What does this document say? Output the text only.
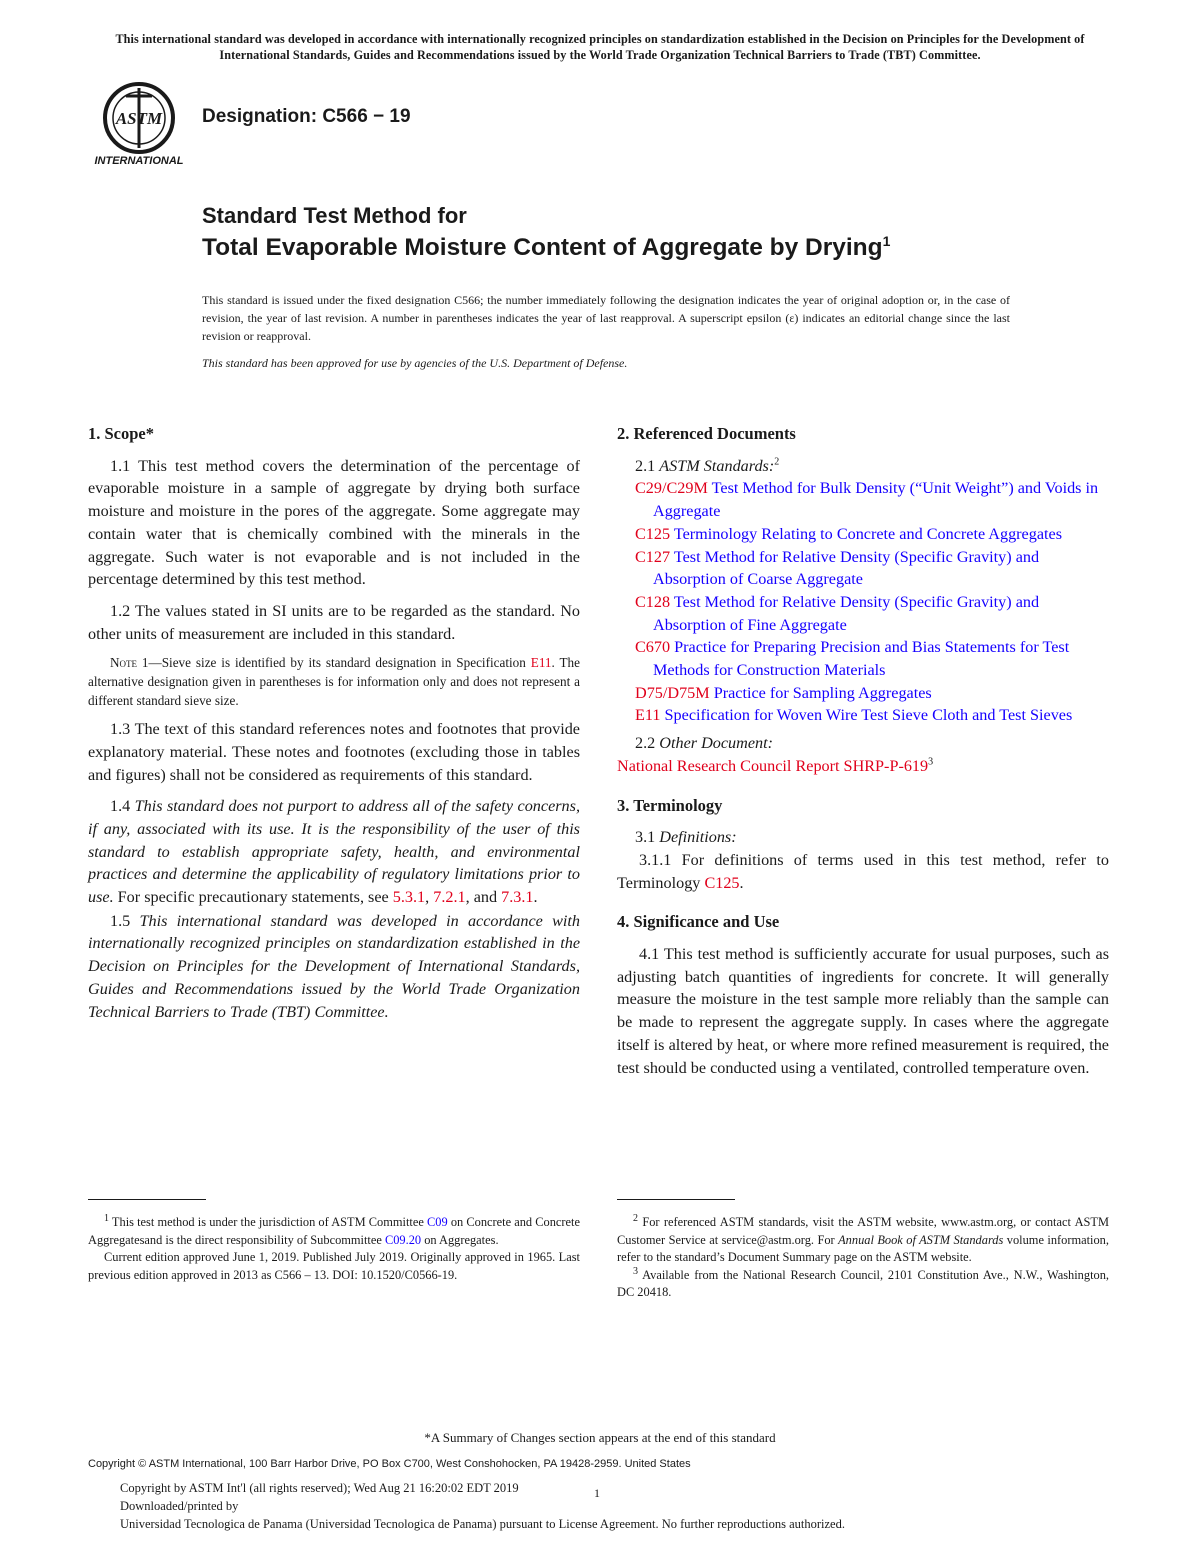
This international standard was developed in accordance with internationally recognized principles on standardization established in the Decision on Principles for the Development of International Standards, Guides and Recommendations issued by the World Trade Organization Technical Barriers to Trade (TBT) Committee.
ASTM
INTERNATIONAL
Designation: C566 − 19
Standard Test Method for
Total Evaporable Moisture Content of Aggregate by Drying$^1$
This standard is issued under the fixed designation C566; the number immediately following the designation indicates the year of original adoption or, in the case of revision, the year of last revision. A number in parentheses indicates the year of last reapproval. A superscript epsilon (ε) indicates an editorial change since the last revision or reapproval.
This standard has been approved for use by agencies of the U.S. Department of Defense.
1. Scope*

1.1 This test method covers the determination of the percentage of evaporable moisture in a sample of aggregate by drying both surface moisture and moisture in the pores of the aggregate. Some aggregate may contain water that is chemically combined with the minerals in the aggregate. Such water is not evaporable and is not included in the percentage determined by this test method.

1.2 The values stated in SI units are to be regarded as the standard. No other units of measurement are included in this standard.

Note 1—Sieve size is identified by its standard designation in Specification E11. The alternative designation given in parentheses is for information only and does not represent a different standard sieve size.

1.3 The text of this standard references notes and footnotes that provide explanatory material. These notes and footnotes (excluding those in tables and figures) shall not be considered as requirements of this standard.

1.4 This standard does not purport to address all of the safety concerns, if any, associated with its use. It is the responsibility of the user of this standard to establish appropriate safety, health, and environmental practices and determine the applicability of regulatory limitations prior to use. For specific precautionary statements, see 5.3.1, 7.2.1, and 7.3.1.

1.5 This international standard was developed in accordance with internationally recognized principles on standardization established in the Decision on Principles for the Development of International Standards, Guides and Recommendations issued by the World Trade Organization Technical Barriers to Trade (TBT) Committee.

2. Referenced Documents

2.1 ASTM Standards:$^2$

C29/C29M Test Method for Bulk Density (“Unit Weight”) and Voids in Aggregate

C125 Terminology Relating to Concrete and Concrete Aggregates

C127 Test Method for Relative Density (Specific Gravity) and Absorption of Coarse Aggregate

C128 Test Method for Relative Density (Specific Gravity) and Absorption of Fine Aggregate

C670 Practice for Preparing Precision and Bias Statements for Test Methods for Construction Materials

D75/D75M Practice for Sampling Aggregates

E11 Specification for Woven Wire Test Sieve Cloth and Test Sieves

2.2 Other Document:

National Research Council Report SHRP-$P-619^3$

3. Terminology

3.1 Definitions:

3.1.1 For definitions of terms used in this test method, refer to Terminology C125.

4. Significance and Use

4.1 This test method is sufficiently accurate for usual purposes, such as adjusting batch quantities of ingredients for concrete. It will generally measure the moisture in the test sample more reliably than the sample can be made to represent the aggregate supply. In cases where the aggregate itself is altered by heat, or where more refined measurement is required, the test should be conducted using a ventilated, controlled temperature oven.

$^1$ This test method is under the jurisdiction of ASTM Committee C09 on Concrete and Concrete Aggregatesand is the direct responsibility of Subcommittee C09.20 on Aggregates.

Current edition approved June 1, 2019. Published July 2019. Originally approved in 1965. Last previous edition approved in 2013 as C566 – 13. DOI: 10.1520/C0566-19.

$^2$ For referenced ASTM standards, visit the ASTM website, www.astm.org, or contact ASTM Customer Service at service@astm.org. For Annual Book of ASTM Standards volume information, refer to the standard’s Document Summary page on the ASTM website.

$^3$ Available from the National Research Council, 2101 Constitution Ave., N.W., Washington, DC 20418.

*A Summary of Changes section appears at the end of this standard
Copyright © ASTM International, 100 Barr Harbor Drive, PO Box C700, West Conshohocken, PA 19428-2959. United States
Copyright by ASTM Int'l (all rights reserved); Wed Aug 21 16:20:02 EDT 2019
Downloaded/printed by
Universidad Tecnologica de Panama (Universidad Tecnologica de Panama) pursuant to License Agreement. No further reproductions authorized.
1
